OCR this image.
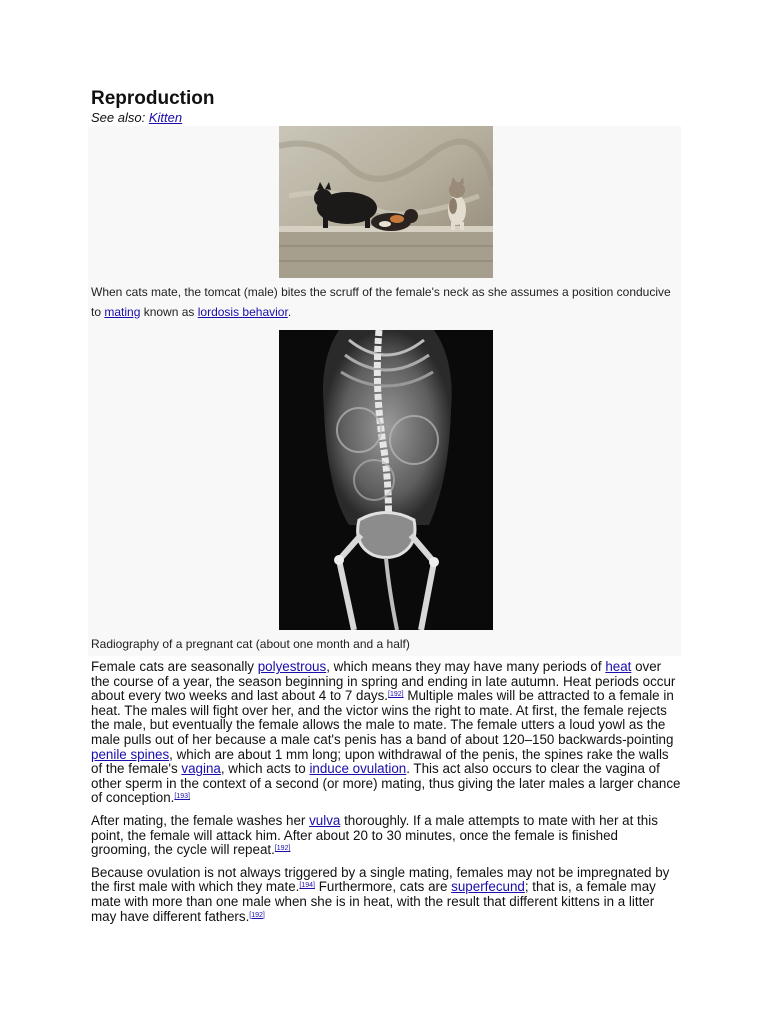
Reproduction
See also: Kitten
When cats mate, the tomcat (male) bites the scruff of the female's neck as she assumes a position conducive to mating known as lordosis behavior.
Radiography of a pregnant cat (about one month and a half)

Female cats are seasonally polyestrous, which means they may have many periods of heat over the course of a year, the season beginning in spring and ending in late autumn. Heat periods occur about every two weeks and last about 4 to 7 days.[192] Multiple males will be attracted to a female in heat. The males will fight over her, and the victor wins the right to mate. At first, the female rejects the male, but eventually the female allows the male to mate. The female utters a loud yowl as the male pulls out of her because a male cat's penis has a band of about 120–150 backwards-pointing penile spines, which are about 1 mm long; upon withdrawal of the penis, the spines rake the walls of the female's vagina, which acts to induce ovulation. This act also occurs to clear the vagina of other sperm in the context of a second (or more) mating, thus giving the later males a larger chance of conception.[193]

After mating, the female washes her vulva thoroughly. If a male attempts to mate with her at this point, the female will attack him. After about 20 to 30 minutes, once the female is finished grooming, the cycle will repeat.[192]

Because ovulation is not always triggered by a single mating, females may not be impregnated by the first male with which they mate.[194] Furthermore, cats are superfecund; that is, a female may mate with more than one male when she is in heat, with the result that different kittens in a litter may have different fathers.[192]
